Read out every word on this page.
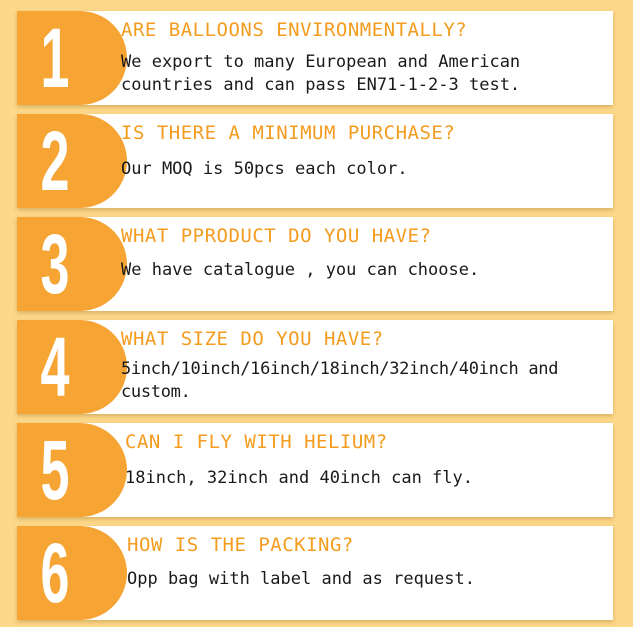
1	ARE BALLOONS ENVIRONMENTALLY?
We export to many European and American countries and can pass EN71-1-2-3 test.
2	IS THERE A MINIMUM PURCHASE?
Our MOQ is 50pcs each color.
3	WHAT PPRODUCT DO YOU HAVE?
We have catalogue , you can choose.
4	WHAT SIZE DO YOU HAVE?
5inch/10inch/16inch/18inch/32inch/40inch and custom.
5	CAN I FLY WITH HELIUM?
18inch, 32inch and 40inch can fly.
6	HOW IS THE PACKING?
Opp bag with label and as request.
